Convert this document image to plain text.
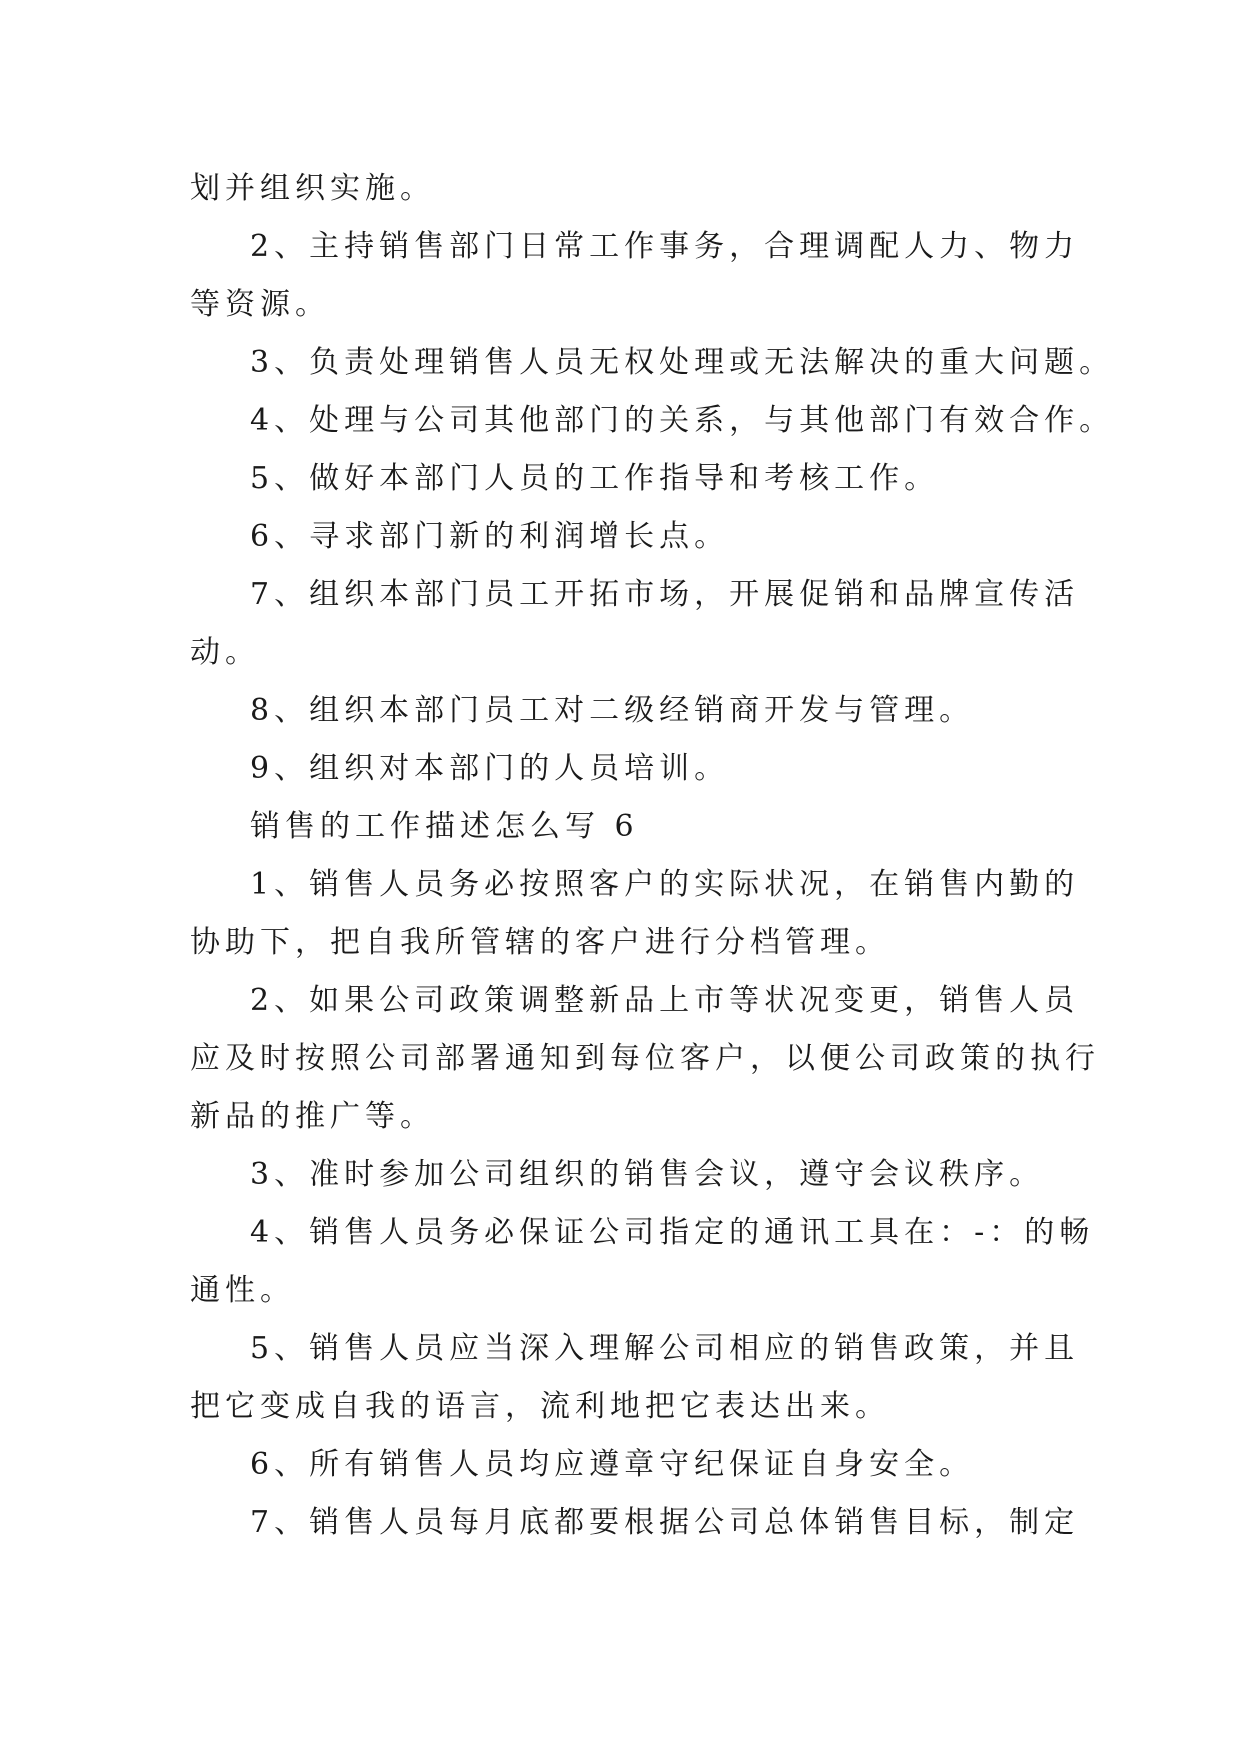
划并组织实施。
2、主持销售部门日常工作事务，合理调配人力、物力
等资源。
3、负责处理销售人员无权处理或无法解决的重大问题。
4、处理与公司其他部门的关系，与其他部门有效合作。
5、做好本部门人员的工作指导和考核工作。
6、寻求部门新的利润增长点。
7、组织本部门员工开拓市场，开展促销和品牌宣传活
动。
8、组织本部门员工对二级经销商开发与管理。
9、组织对本部门的人员培训。
销售的工作描述怎么写 6
1、销售人员务必按照客户的实际状况，在销售内勤的
协助下，把自我所管辖的客户进行分档管理。
2、如果公司政策调整新品上市等状况变更，销售人员
应及时按照公司部署通知到每位客户，以便公司政策的执行
新品的推广等。
3、准时参加公司组织的销售会议，遵守会议秩序。
4、销售人员务必保证公司指定的通讯工具在：-：的畅
通性。
5、销售人员应当深入理解公司相应的销售政策，并且
把它变成自我的语言，流利地把它表达出来。
6、所有销售人员均应遵章守纪保证自身安全。
7、销售人员每月底都要根据公司总体销售目标，制定
